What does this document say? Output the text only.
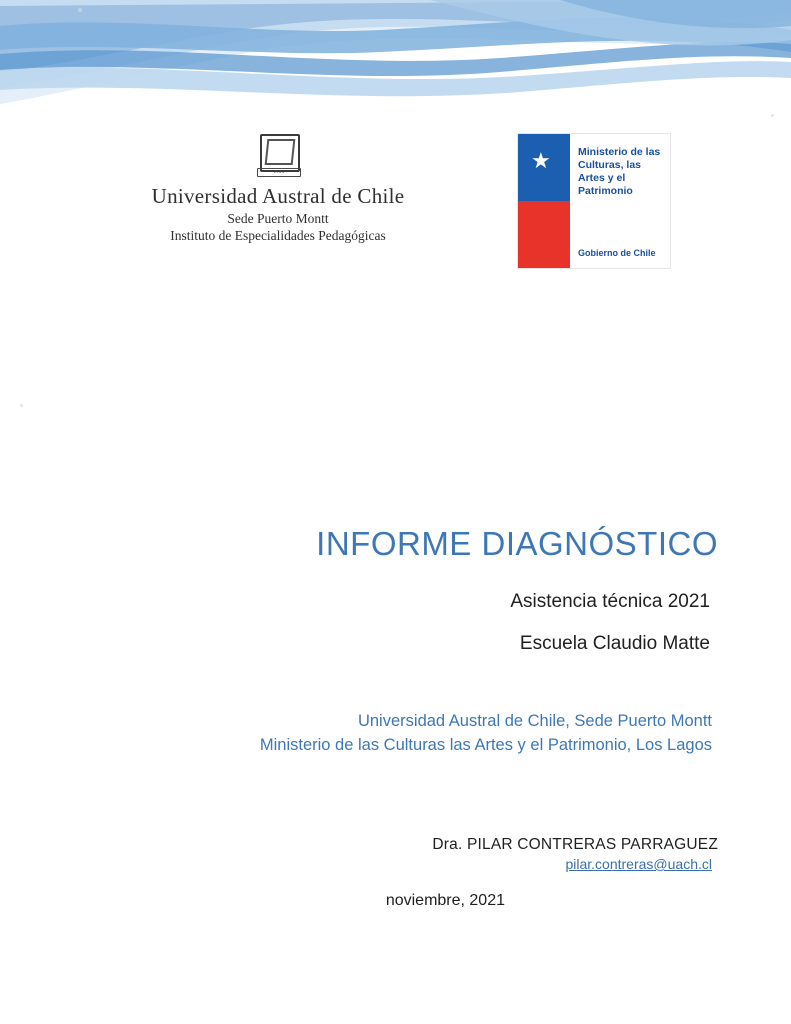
1954
Universidad Austral de Chile
Sede Puerto Montt
Instituto de Especialidades Pedagógicas
★	Ministerio de las Culturas, las Artes y el Patrimonio
Gobierno de Chile
INFORME DIAGNÓSTICO
Asistencia técnica 2021
Escuela Claudio Matte
Universidad Austral de Chile, Sede Puerto Montt
Ministerio de las Culturas las Artes y el Patrimonio, Los Lagos
Dra. PILAR CONTRERAS PARRAGUEZ
pilar.contreras@uach.cl
noviembre, 2021
